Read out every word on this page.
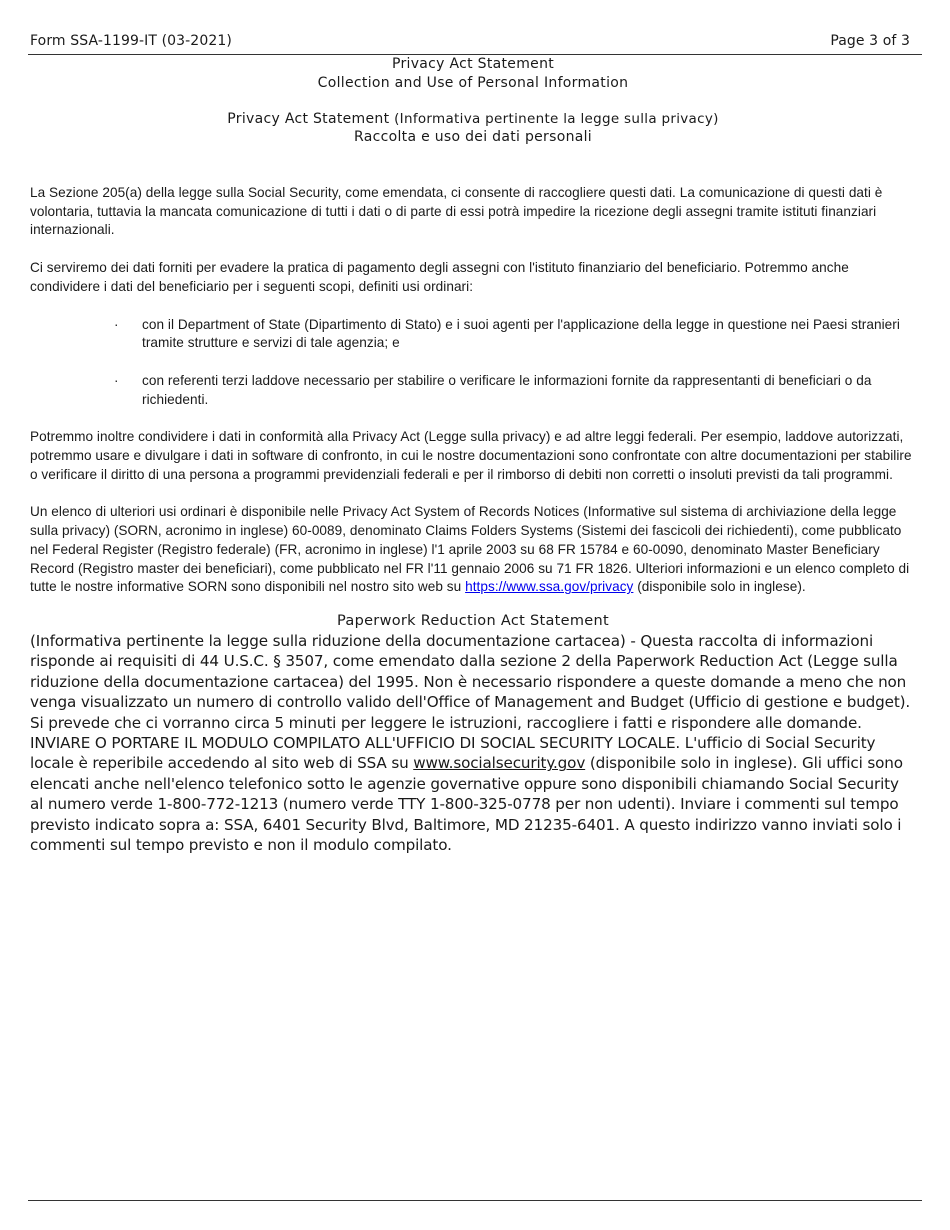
Form SSA-1199-IT (03-2021)	Page 3 of 3
Privacy Act Statement
Collection and Use of Personal Information
Privacy Act Statement (Informativa pertinente la legge sulla privacy)
Raccolta e uso dei dati personali

La Sezione 205(a) della legge sulla Social Security, come emendata, ci consente di raccogliere questi dati. La comunicazione di questi dati è volontaria, tuttavia la mancata comunicazione di tutti i dati o di parte di essi potrà impedire la ricezione degli assegni tramite istituti finanziari internazionali.

Ci serviremo dei dati forniti per evadere la pratica di pagamento degli assegni con l'istituto finanziario del beneficiario. Potremmo anche condividere i dati del beneficiario per i seguenti scopi, definiti usi ordinari:

· con il Department of State (Dipartimento di Stato) e i suoi agenti per l'applicazione della legge in questione nei Paesi stranieri tramite strutture e servizi di tale agenzia; e
· con referenti terzi laddove necessario per stabilire o verificare le informazioni fornite da rappresentanti di beneficiari o da richiedenti.

Potremmo inoltre condividere i dati in conformità alla Privacy Act (Legge sulla privacy) e ad altre leggi federali. Per esempio, laddove autorizzati, potremmo usare e divulgare i dati in software di confronto, in cui le nostre documentazioni sono confrontate con altre documentazioni per stabilire o verificare il diritto di una persona a programmi previdenziali federali e per il rimborso di debiti non corretti o insoluti previsti da tali programmi.

Un elenco di ulteriori usi ordinari è disponibile nelle Privacy Act System of Records Notices (Informative sul sistema di archiviazione della legge sulla privacy) (SORN, acronimo in inglese) 60-0089, denominato Claims Folders Systems (Sistemi dei fascicoli dei richiedenti), come pubblicato nel Federal Register (Registro federale) (FR, acronimo in inglese) l'1 aprile 2003 su 68 FR 15784 e 60-0090, denominato Master Beneficiary Record (Registro master dei beneficiari), come pubblicato nel FR l'11 gennaio 2006 su 71 FR 1826. Ulteriori informazioni e un elenco completo di tutte le nostre informative SORN sono disponibili nel nostro sito web su https://www.ssa.gov/privacy (disponibile solo in inglese).

Paperwork Reduction Act Statement

(Informativa pertinente la legge sulla riduzione della documentazione cartacea) - Questa raccolta di informazioni risponde ai requisiti di 44 U.S.C. § 3507, come emendato dalla sezione 2 della Paperwork Reduction Act (Legge sulla riduzione della documentazione cartacea) del 1995. Non è necessario rispondere a queste domande a meno che non venga visualizzato un numero di controllo valido dell'Office of Management and Budget (Ufficio di gestione e budget). Si prevede che ci vorranno circa 5 minuti per leggere le istruzioni, raccogliere i fatti e rispondere alle domande. INVIARE O PORTARE IL MODULO COMPILATO ALL'UFFICIO DI SOCIAL SECURITY LOCALE. L'ufficio di Social Security locale è reperibile accedendo al sito web di SSA su www.socialsecurity.gov (disponibile solo in inglese). Gli uffici sono elencati anche nell'elenco telefonico sotto le agenzie governative oppure sono disponibili chiamando Social Security al numero verde 1-800-772-1213 (numero verde TTY 1-800-325-0778 per non udenti). Inviare i commenti sul tempo previsto indicato sopra a: SSA, 6401 Security Blvd, Baltimore, MD 21235-6401. A questo indirizzo vanno inviati solo i commenti sul tempo previsto e non il modulo compilato.
